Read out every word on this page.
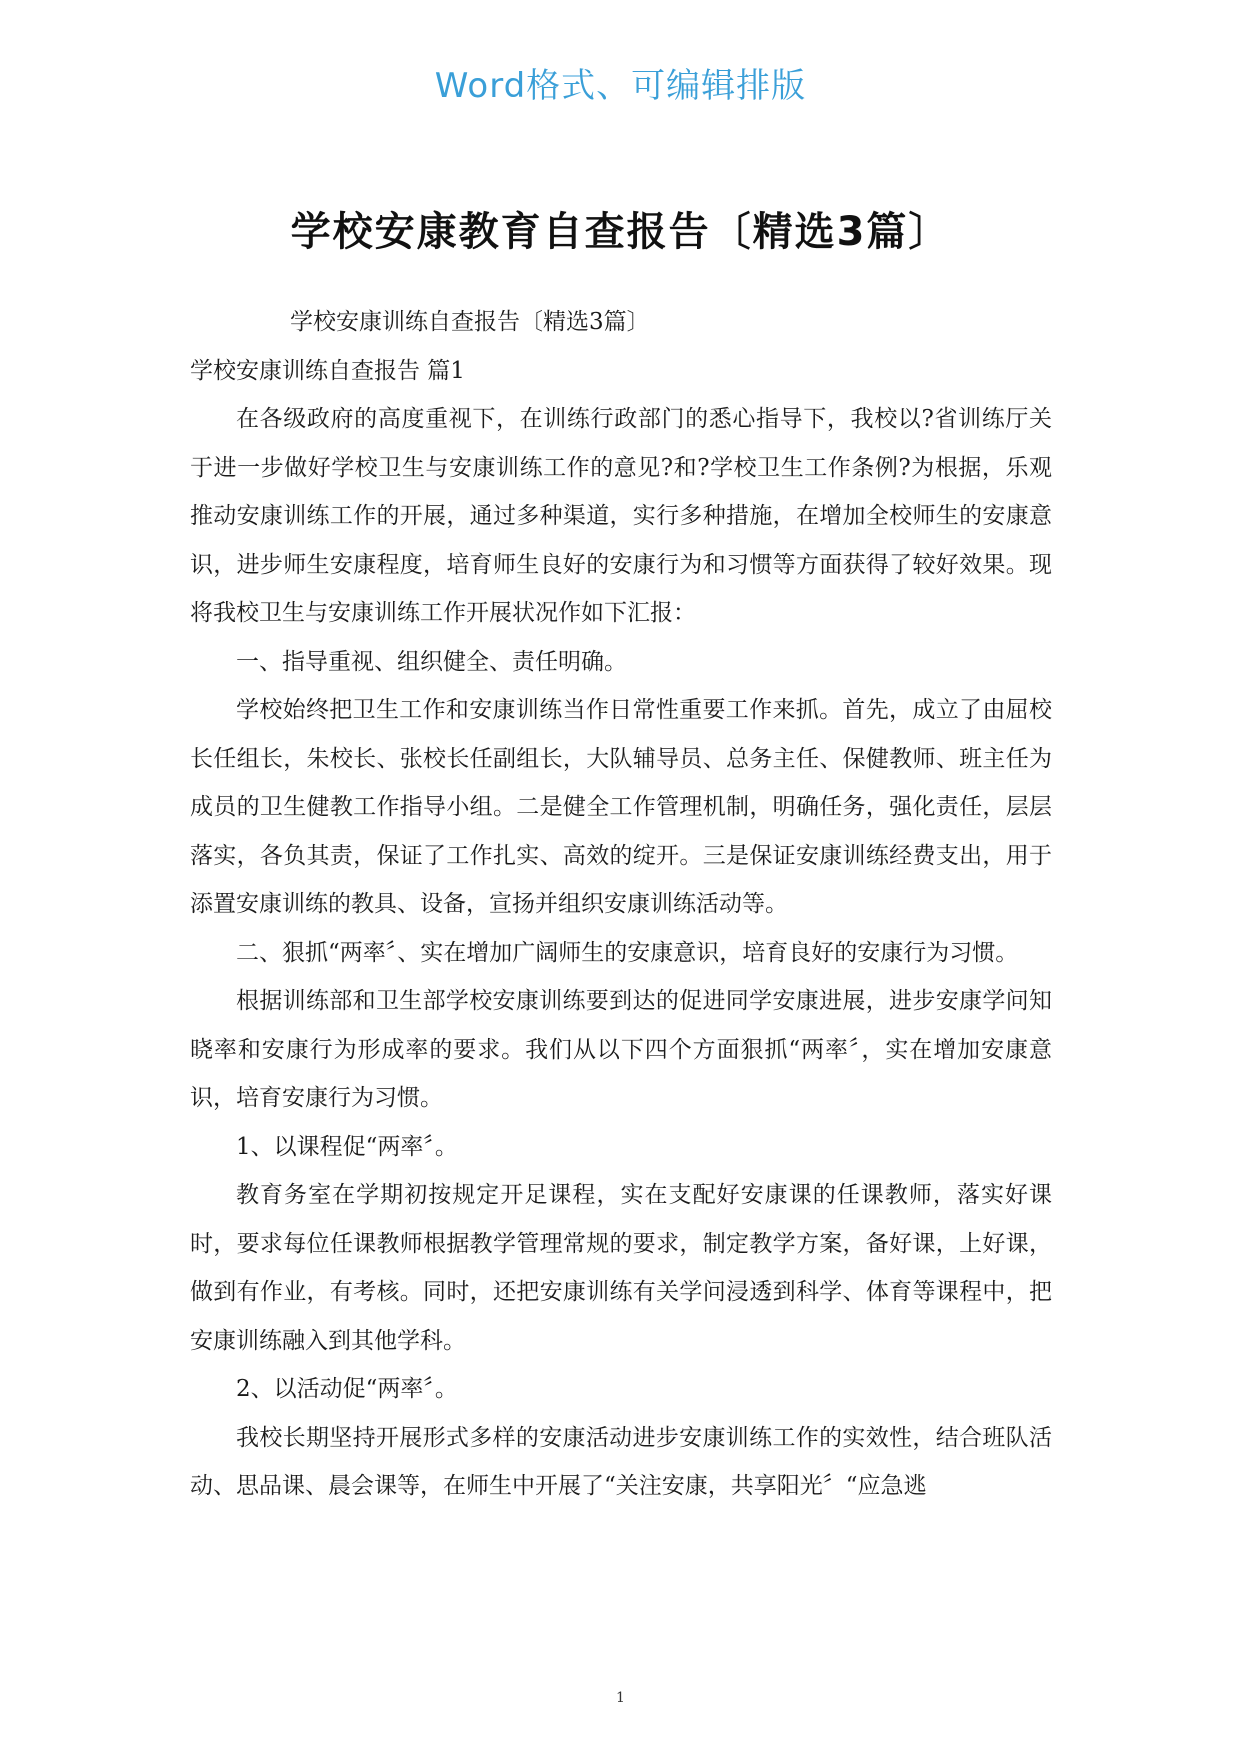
Word格式、可编辑排版
学校安康教育自查报告〔精选3篇〕

学校安康训练自查报告〔精选3篇〕

学校安康训练自查报告 篇1

在各级政府的高度重视下，在训练行政部门的悉心指导下，我校以?省训练厅关于进一步做好学校卫生与安康训练工作的意见?和?学校卫生工作条例?为根据，乐观推动安康训练工作的开展，通过多种渠道，实行多种措施，在增加全校师生的安康意识，进步师生安康程度，培育师生良好的安康行为和习惯等方面获得了较好效果。现将我校卫生与安康训练工作开展状况作如下汇报：

一、指导重视、组织健全、责任明确。

学校始终把卫生工作和安康训练当作日常性重要工作来抓。首先，成立了由屈校长任组长，朱校长、张校长任副组长，大队辅导员、总务主任、保健教师、班主任为成员的卫生健教工作指导小组。二是健全工作管理机制，明确任务，强化责任，层层落实，各负其责，保证了工作扎实、高效的绽开。三是保证安康训练经费支出，用于添置安康训练的教具、设备，宣扬并组织安康训练活动等。

二、狠抓“两率〞、实在增加广阔师生的安康意识，培育良好的安康行为习惯。

根据训练部和卫生部学校安康训练要到达的促进同学安康进展，进步安康学问知晓率和安康行为形成率的要求。我们从以下四个方面狠抓“两率〞，实在增加安康意识，培育安康行为习惯。

1、以课程促“两率〞。

教育务室在学期初按规定开足课程，实在支配好安康课的任课教师，落实好课时，要求每位任课教师根据教学管理常规的要求，制定教学方案，备好课，上好课，做到有作业，有考核。同时，还把安康训练有关学问浸透到科学、体育等课程中，把安康训练融入到其他学科。

2、以活动促“两率〞。

我校长期坚持开展形式多样的安康活动进步安康训练工作的实效性，结合班队活动、思品课、晨会课等，在师生中开展了“关注安康，共享阳光〞“应急逃

1
